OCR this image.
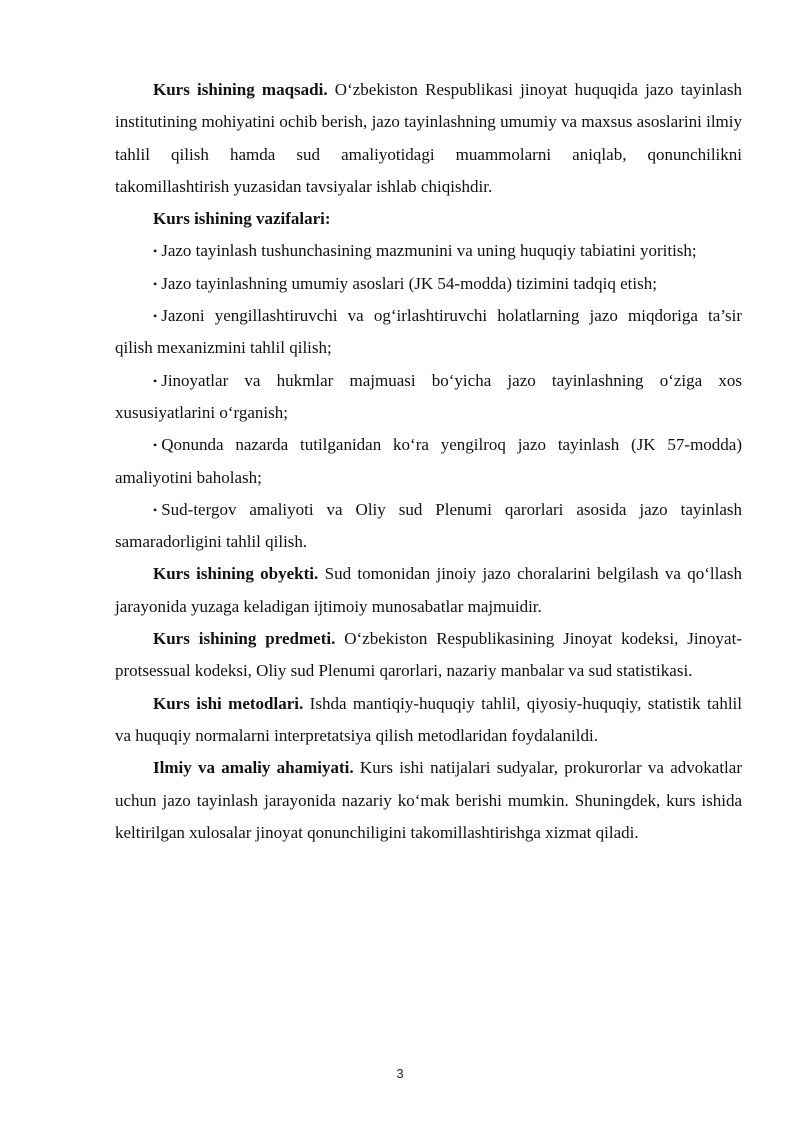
Kurs ishining maqsadi. O‘zbekiston Respublikasi jinoyat huquqida jazo tayinlash institutining mohiyatini ochib berish, jazo tayinlashning umumiy va maxsus asoslarini ilmiy tahlil qilish hamda sud amaliyotidagi muammolarni aniqlab, qonunchilikni takomillashtirish yuzasidan tavsiyalar ishlab chiqishdir.

Kurs ishining vazifalari:

• Jazo tayinlash tushunchasining mazmunini va uning huquqiy tabiatini yoritish;

• Jazo tayinlashning umumiy asoslari (JK 54-modda) tizimini tadqiq etish;

• Jazoni yengillashtiruvchi va og‘irlashtiruvchi holatlarning jazo miqdoriga ta’sir qilish mexanizmini tahlil qilish;

• Jinoyatlar va hukmlar majmuasi bo‘yicha jazo tayinlashning o‘ziga xos xususiyatlarini o‘rganish;

• Qonunda nazarda tutilganidan ko‘ra yengilroq jazo tayinlash (JK 57-modda) amaliyotini baholash;

• Sud-tergov amaliyoti va Oliy sud Plenumi qarorlari asosida jazo tayinlash samaradorligini tahlil qilish.

Kurs ishining obyekti. Sud tomonidan jinoiy jazo choralarini belgilash va qo‘llash jarayonida yuzaga keladigan ijtimoiy munosabatlar majmuidir.

Kurs ishining predmeti. O‘zbekiston Respublikasining Jinoyat kodeksi, Jinoyat-protsessual kodeksi, Oliy sud Plenumi qarorlari, nazariy manbalar va sud statistikasi.

Kurs ishi metodlari. Ishda mantiqiy-huquqiy tahlil, qiyosiy-huquqiy, statistik tahlil va huquqiy normalarni interpretatsiya qilish metodlaridan foydalanildi.

Ilmiy va amaliy ahamiyati. Kurs ishi natijalari sudyalar, prokurorlar va advokatlar uchun jazo tayinlash jarayonida nazariy ko‘mak berishi mumkin. Shuningdek, kurs ishida keltirilgan xulosalar jinoyat qonunchiligini takomillashtirishga xizmat qiladi.

3
